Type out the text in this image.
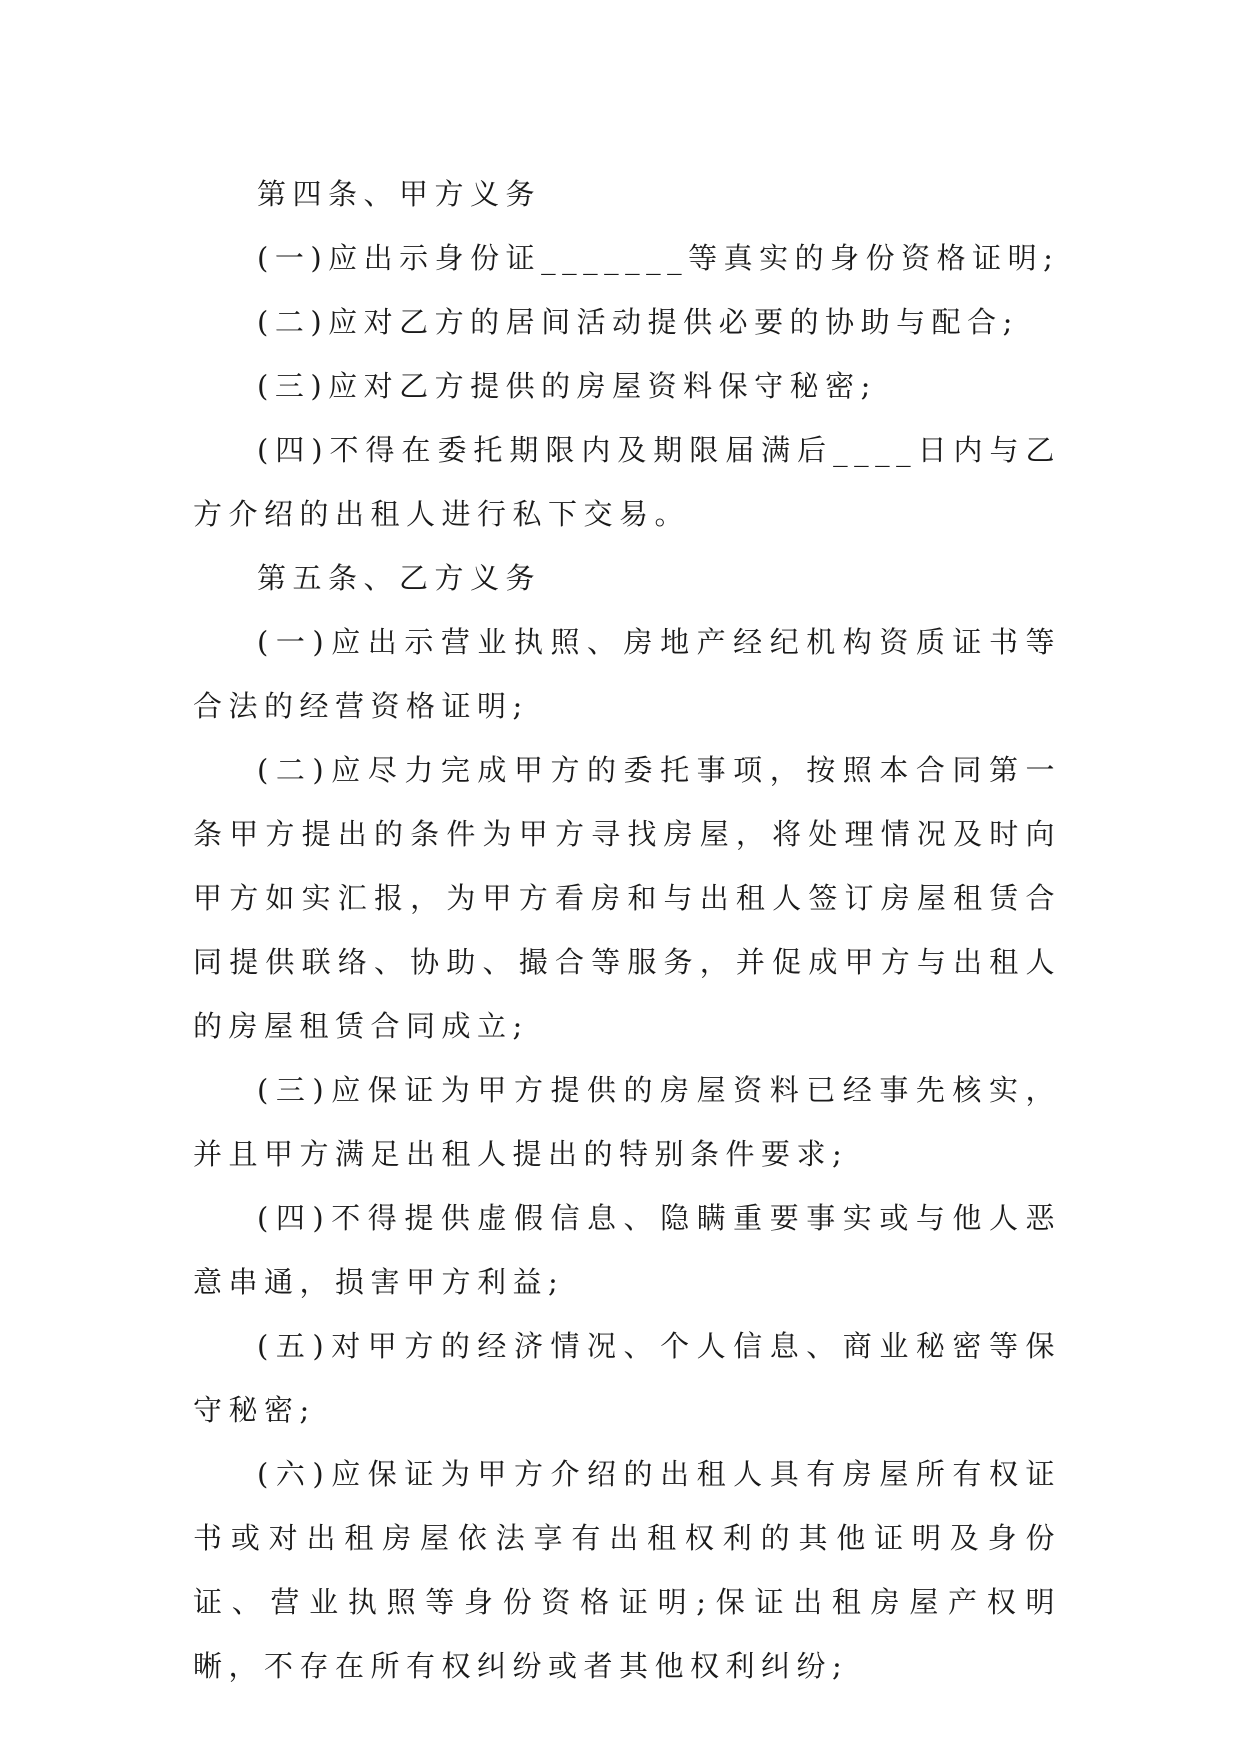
第四条、甲方义务

(一)应出示身份证_______等真实的身份资格证明;

(二)应对乙方的居间活动提供必要的协助与配合;

(三)应对乙方提供的房屋资料保守秘密;

(四)不得在委托期限内及期限届满后____日内与乙方介绍的出租人进行私下交易。

第五条、乙方义务

(一)应出示营业执照、房地产经纪机构资质证书等合法的经营资格证明;

(二)应尽力完成甲方的委托事项，按照本合同第一条甲方提出的条件为甲方寻找房屋，将处理情况及时向甲方如实汇报，为甲方看房和与出租人签订房屋租赁合同提供联络、协助、撮合等服务，并促成甲方与出租人的房屋租赁合同成立;

(三)应保证为甲方提供的房屋资料已经事先核实，并且甲方满足出租人提出的特别条件要求;

(四)不得提供虚假信息、隐瞒重要事实或与他人恶意串通，损害甲方利益;

(五)对甲方的经济情况、个人信息、商业秘密等保守秘密;

(六)应保证为甲方介绍的出租人具有房屋所有权证书或对出租房屋依法享有出租权利的其他证明及身份证、营业执照等身份资格证明;保证出租房屋产权明晰，不存在所有权纠纷或者其他权利纠纷;
